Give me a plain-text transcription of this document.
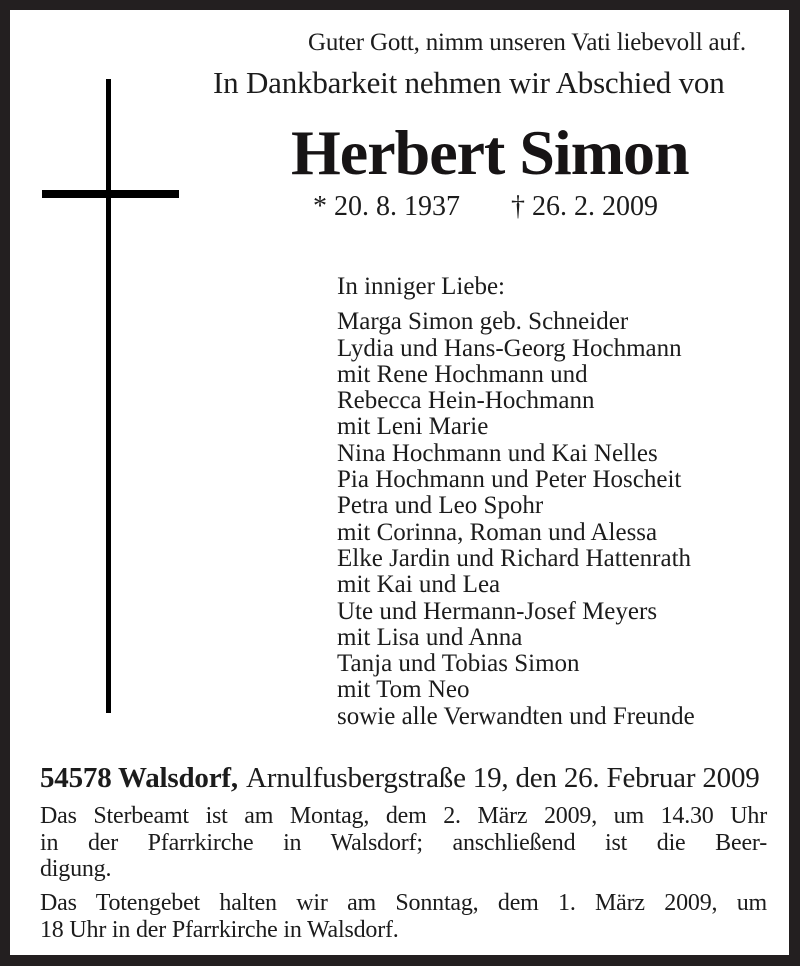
Guter Gott, nimm unseren Vati liebevoll auf.
In Dankbarkeit nehmen wir Abschied von
Herbert Simon
* 20. 8. 1937 † 26. 2. 2009
In inniger Liebe:
Marga Simon geb. Schneider
Lydia und Hans-Georg Hochmann
mit Rene Hochmann und
Rebecca Hein-Hochmann
mit Leni Marie
Nina Hochmann und Kai Nelles
Pia Hochmann und Peter Hoscheit
Petra und Leo Spohr
mit Corinna, Roman und Alessa
Elke Jardin und Richard Hattenrath
mit Kai und Lea
Ute und Hermann-Josef Meyers
mit Lisa und Anna
Tanja und Tobias Simon
mit Tom Neo
sowie alle Verwandten und Freunde
54578 Walsdorf, Arnulfusbergstraße 19, den 26. Februar 2009
Das Sterbeamt ist am Montag, dem 2. März 2009, um 14.30 Uhr
in der Pfarrkirche in Walsdorf; anschließend ist die Beer-
digung.
Das Totengebet halten wir am Sonntag, dem 1. März 2009, um
18 Uhr in der Pfarrkirche in Walsdorf.
